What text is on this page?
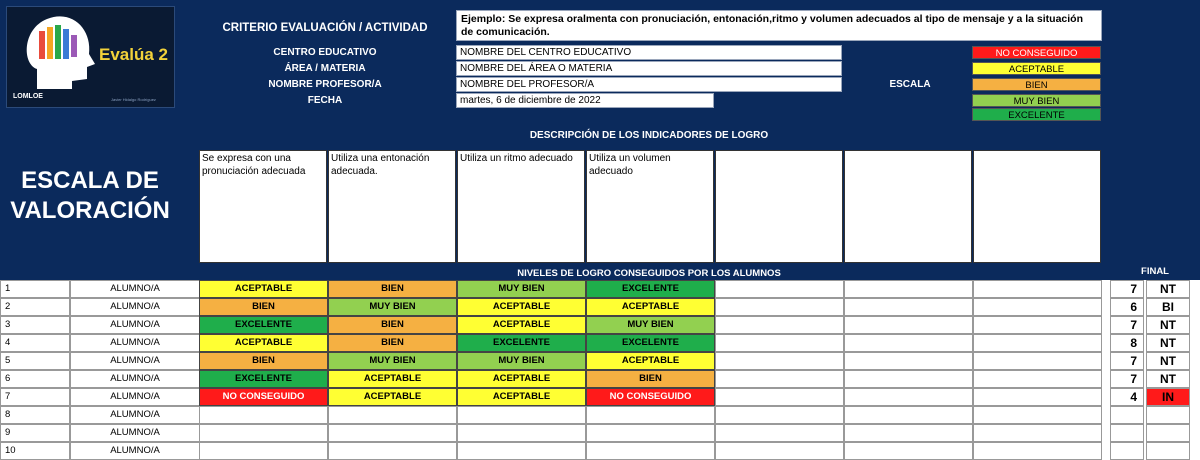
Evalúa 2
LOMLOE	Javier Hidalgo Rodríguez
CRITERIO EVALUACIÓN / ACTIVIDAD
Ejemplo: Se expresa oralmenta con pronuciación, entonación,ritmo y volumen adecuados al tipo de mensaje y a la situación de comunicación.
CENTRO EDUCATIVO	NOMBRE DEL CENTRO EDUCATIVO
ÁREA / MATERIA	NOMBRE DEL ÁREA O MATERIA
NOMBRE PROFESOR/A	NOMBRE DEL PROFESOR/A
FECHA	martes, 6 de diciembre de 2022
ESCALA
NO CONSEGUIDO
ACEPTABLE
BIEN
MUY BIEN
EXCELENTE
DESCRIPCIÓN DE LOS INDICADORES DE LOGRO
ESCALA DE
VALORACIÓN
Se expresa con una pronuciación adecuada
Utiliza una entonación adecuada.
Utiliza un ritmo adecuado	Utiliza un volumen adecuado
NIVELES DE LOGRO CONSEGUIDOS POR LOS ALUMNOS	FINAL
1	ALUMNO/A	ACEPTABLE	BIEN	MUY BIEN	EXCELENTE	7	NT
2	ALUMNO/A	BIEN	MUY BIEN	ACEPTABLE	ACEPTABLE	6	BI
3	ALUMNO/A	EXCELENTE	BIEN	ACEPTABLE	MUY BIEN	7	NT
4	ALUMNO/A	ACEPTABLE	BIEN	EXCELENTE	EXCELENTE	8	NT
5	ALUMNO/A	BIEN	MUY BIEN	MUY BIEN	ACEPTABLE	7	NT
6	ALUMNO/A	EXCELENTE	ACEPTABLE	ACEPTABLE	BIEN	7	NT
7	ALUMNO/A	NO CONSEGUIDO	ACEPTABLE	ACEPTABLE	NO CONSEGUIDO	4	IN
8	ALUMNO/A
9	ALUMNO/A
10	ALUMNO/A
